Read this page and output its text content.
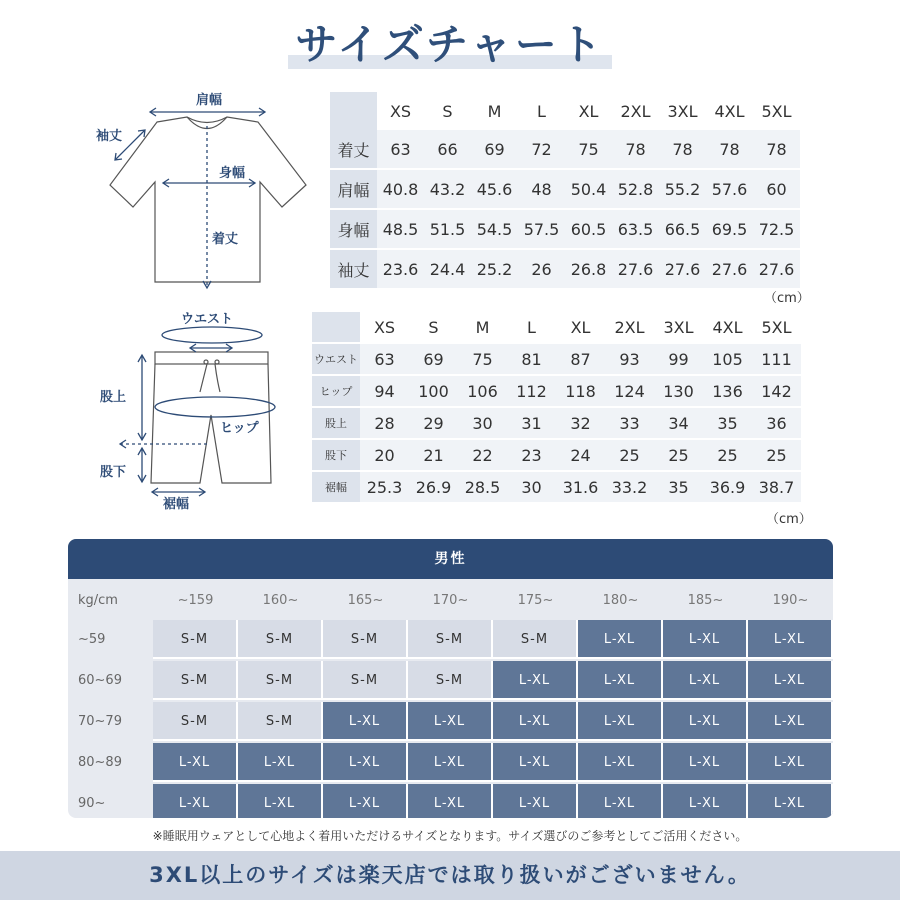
サイズチャート
肩幅
袖丈
身幅
着丈
ウエスト
股上
ヒップ
股下
裾幅
	XS	S	M	L	XL	2XL	3XL	4XL	5XL
着丈	63	66	69	72	75	78	78	78	78
肩幅	40.8	43.2	45.6	48	50.4	52.8	55.2	57.6	60
身幅	48.5	51.5	54.5	57.5	60.5	63.5	66.5	69.5	72.5
袖丈	23.6	24.4	25.2	26	26.8	27.6	27.6	27.6	27.6
（cm）
	XS	S	M	L	XL	2XL	3XL	4XL	5XL
ウエスト	63	69	75	81	87	93	99	105	111
ヒップ	94	100	106	112	118	124	130	136	142
股上	28	29	30	31	32	33	34	35	36
股下	20	21	22	23	24	25	25	25	25
裾幅	25.3	26.9	28.5	30	31.6	33.2	35	36.9	38.7
（cm）
男性
kg/cm	~159	160~	165~	170~	175~	180~	185~	190~
~59	S-M	S-M	S-M	S-M	S-M	L-XL	L-XL	L-XL
60~69	S-M	S-M	S-M	S-M	L-XL	L-XL	L-XL	L-XL
70~79	S-M	S-M	L-XL	L-XL	L-XL	L-XL	L-XL	L-XL
80~89	L-XL	L-XL	L-XL	L-XL	L-XL	L-XL	L-XL	L-XL
90~	L-XL	L-XL	L-XL	L-XL	L-XL	L-XL	L-XL	L-XL
※睡眠用ウェアとして心地よく着用いただけるサイズとなります。サイズ選びのご参考としてご活用ください。
3XL以上のサイズは楽天店では取り扱いがございません。
